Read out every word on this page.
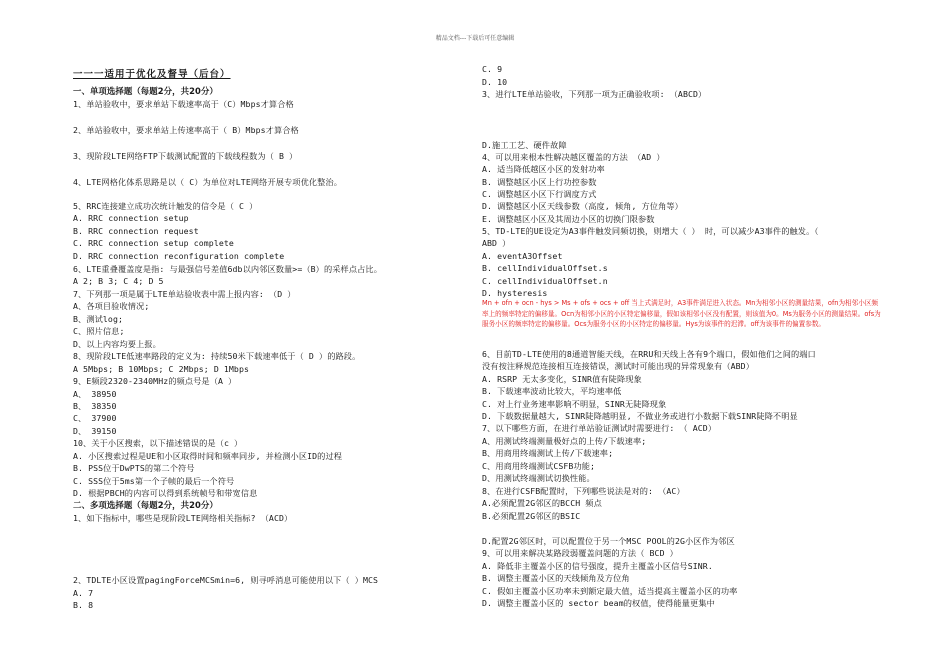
精品文档---下载后可任意编辑
一一一适用于优化及督导（后台）
一、单项选择题（每题2分，共20分）
1、单站验收中，要求单站下载速率高于（C）Mbps才算合格
2、单站验收中，要求单站上传速率高于（ B）Mbps才算合格
3、现阶段LTE网络FTP下载测试配置的下载线程数为（ B ）
4、LTE网格化体系思路是以（ C）为单位对LTE网络开展专项优化整治。
5、RRC连接建立成功次统计触发的信令是（ C ）
A. RRC connection setup
B. RRC connection request
C. RRC connection setup complete
D. RRC connection reconfiguration complete
6、LTE重叠覆盖度是指: 与最强信号差值6db以内邻区数量>=（B）的采样点占比。
A 2; B 3; C 4; D 5
7、下列那一项是属于LTE单站验收表中需上报内容: （D ）
A、各项目验收情况;
B、测试log;
C、照片信息;
D、以上内容均要上报。
8、现阶段LTE低速率路段的定义为: 持续50米下载速率低于（ D ）的路段。
A 5Mbps; B 10Mbps; C 2Mbps; D 1Mbps
9、E频段2320-2340MHz的频点号是（A ）
A、 38950
B、 38350
C、 37900
D、 39150
10、关于小区搜索，以下描述错误的是（c ）
A. 小区搜索过程是UE和小区取得时间和频率同步, 并检测小区ID的过程
B. PSS位于DwPTS的第二个符号
C. SSS位于5ms第一个子帧的最后一个符号
D. 根据PBCH的内容可以得到系统帧号和带宽信息
二、多项选择题（每题2分，共20分）
1、如下指标中，哪些是现阶段LTE网络相关指标? （ACD）
2、TDLTE小区设置pagingForceMCSmin=6, 则寻呼消息可能使用以下（ ）MCS
A. 7
B. 8
C. 9
D. 10
3、进行LTE单站验收，下列那一项为正确验收项: （ABCD）
D.施工工艺、硬件故障
4、可以用来根本性解决越区覆盖的方法 （AD ）
A. 适当降低越区小区的发射功率
B. 调整越区小区上行功控参数
C. 调整越区小区下行调度方式
D. 调整越区小区天线参数（高度, 倾角, 方位角等）
E. 调整越区小区及其周边小区的切换门限参数
5、TD-LTE的UE设定为A3事件触发同频切换，则增大（ ） 时，可以减少A3事件的触发。（
ABD ）
A. eventA3Offset
B. cellIndividualOffset.s
C. cellIndividualOffset.n
D. hysteresis
Mn + ofn + ocn - hys > Ms + ofs + ocs + off 当上式满足时，A3事件满足进入状态。Mn为相邻小区的测量结果，ofn为相邻小区频率上的频率特定的偏移量。Ocn为相邻小区的小区特定偏移量，假如该相邻小区没有配置，则该值为0。Ms为服务小区的测量结果。ofs为服务小区的频率特定的偏移量。Ocs为服务小区的小区特定的偏移量。Hys为该事件的迟滞。off为该事件的偏置参数。
6、目前TD-LTE使用的8通道智能天线，在RRU和天线上各有9个端口，假如他们之间的端口
没有按注释规范连接相互连接错误，测试时可能出现的异常现象有（ABD）
A. RSRP 无太多变化，SINR值有陡降现象
B. 下载速率波动比较大，平均速率低
C. 对上行业务速率影响不明显，SINR无陡降现象
D. 下载数据量越大, SINR陡降越明显, 不做业务或进行小数据下载SINR陡降不明显
7、以下哪些方面，在进行单站验证测试时需要进行: （ ACD）
A、用测试终端测量极好点的上传/下载速率;
B、用商用终端测试上传/下载速率;
C、用商用终端测试CSFB功能;
D、用测试终端测试切换性能。
8、在进行CSFB配置时，下列哪些说法是对的: （AC）
A.必须配置2G邻区的BCCH 频点
B.必须配置2G邻区的BSIC
D.配置2G邻区时，可以配置位于另一个MSC POOL的2G小区作为邻区
9、可以用来解决某路段弱覆盖问题的方法（ BCD ）
A. 降低非主覆盖小区的信号强度，提升主覆盖小区信号SINR.
B. 调整主覆盖小区的天线倾角及方位角
C. 假如主覆盖小区功率未到额定最大值，适当提高主覆盖小区的功率
D. 调整主覆盖小区的 sector beam的权值，使得能量更集中
